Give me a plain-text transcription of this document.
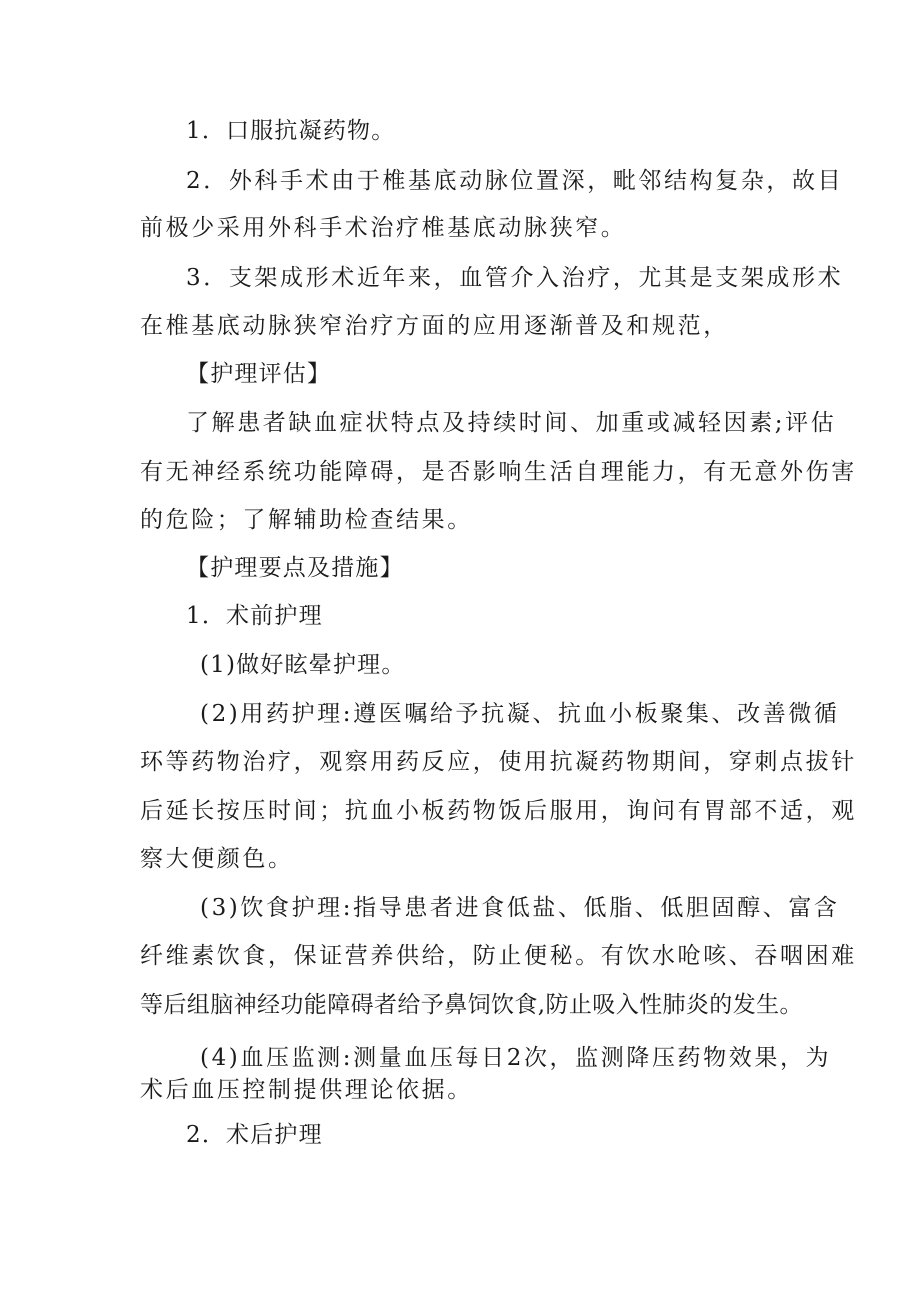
1．口服抗凝药物。
2．外科手术由于椎基底动脉位置深，毗邻结构复杂，故目
前极少采用外科手术治疗椎基底动脉狭窄。
3．支架成形术近年来，血管介入治疗，尤其是支架成形术
在椎基底动脉狭窄治疗方面的应用逐渐普及和规范，
【护理评估】
了解患者缺血症状特点及持续时间、加重或减轻因素;评估
有无神经系统功能障碍，是否影响生活自理能力，有无意外伤害
的危险；了解辅助检查结果。
【护理要点及措施】
1．术前护理
(1)做好眩晕护理。
(2)用药护理:遵医嘱给予抗凝、抗血小板聚集、改善微循
环等药物治疗，观察用药反应，使用抗凝药物期间，穿刺点拔针
后延长按压时间；抗血小板药物饭后服用，询问有胃部不适，观
察大便颜色。
(3)饮食护理:指导患者进食低盐、低脂、低胆固醇、富含
纤维素饮食，保证营养供给，防止便秘。有饮水呛咳、吞咽困难
等后组脑神经功能障碍者给予鼻饲饮食,防止吸入性肺炎的发生。
(4)血压监测:测量血压每日2次，监测降压药物效果，为
术后血压控制提供理论依据。
2．术后护理
